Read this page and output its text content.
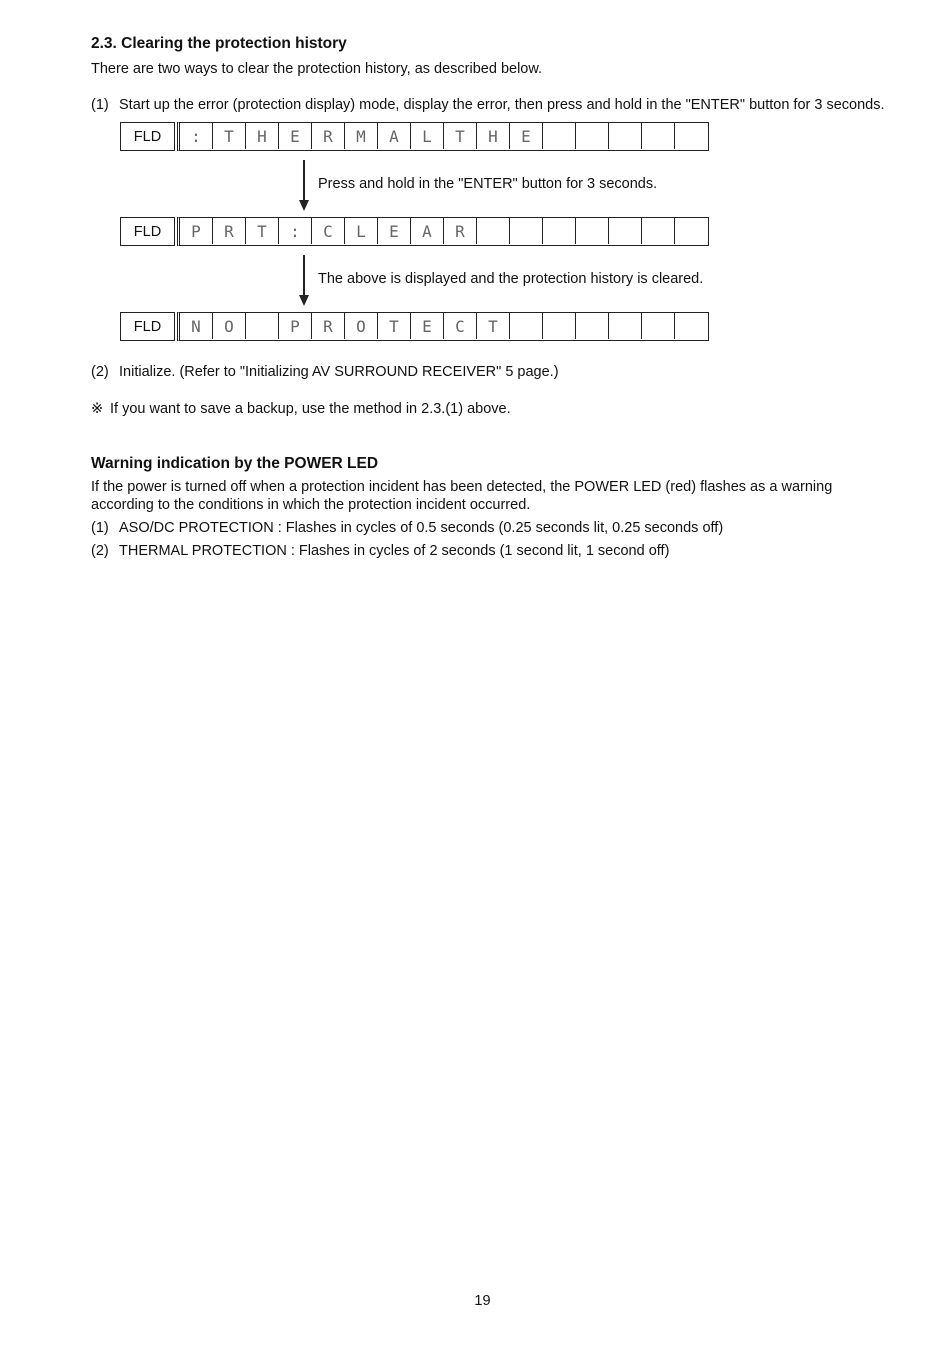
2.3. Clearing the protection history
There are two ways to clear the protection history, as described below.
(1) Start up the error (protection display) mode, display the error, then press and hold in the "ENTER" button for 3 seconds.
FLD	:	T	H	E	R	M	A	L	T	H	E
Press and hold in the "ENTER" button for 3 seconds.
FLD	P	R	T	:	C	L	E	A	R
The above is displayed and the protection history is cleared.
FLD	N	O	P	R	O	T	E	C	T
(2) Initialize. (Refer to "Initializing AV SURROUND RECEIVER" 5 page.)
※ If you want to save a backup, use the method in 2.3.(1) above.
Warning indication by the POWER LED
If the power is turned off when a protection incident has been detected, the POWER LED (red) flashes as a warning
according to the conditions in which the protection incident occurred.
(1) ASO/DC PROTECTION : Flashes in cycles of 0.5 seconds (0.25 seconds lit, 0.25 seconds off)
(2) THERMAL PROTECTION : Flashes in cycles of 2 seconds (1 second lit, 1 second off)
19
